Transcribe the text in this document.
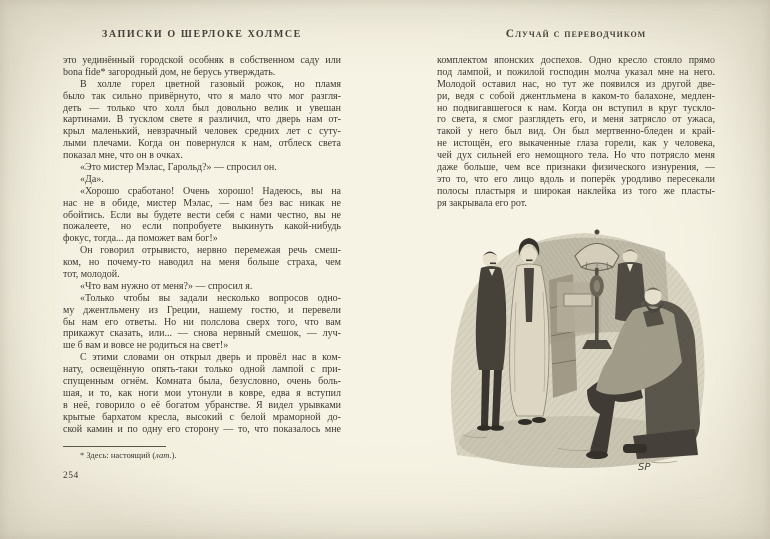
ЗАПИСКИ О ШЕРЛОКЕ ХОЛМСЕ
это уединённый городской особняк в собственном саду или
bona fide* загородный дом, не берусь утверждать.
В холле горел цветной газовый рожок, но пламя
было так сильно привёрнуто, что я мало что мог разгля-
деть — только что холл был довольно велик и увешан
картинами. В тусклом свете я различил, что дверь нам от-
крыл маленький, невзрачный человек средних лет с суту-
лыми плечами. Когда он повернулся к нам, отблеск света
показал мне, что он в очках.
«Это мистер Мэлас, Гарольд?» — спросил он.
«Да».
«Хорошо сработано! Очень хорошо! Надеюсь, вы на
нас не в обиде, мистер Мэлас, — нам без вас никак не
обойтись. Если вы будете вести себя с нами честно, вы не
пожалеете, но если попробуете выкинуть какой-нибудь
фокус, тогда... да поможет вам бог!»
Он говорил отрывисто, нервно перемежая речь смеш-
ком, но почему-то наводил на меня больше страха, чем
тот, молодой.
«Что вам нужно от меня?» — спросил я.
«Только чтобы вы задали несколько вопросов одно-
му джентльмену из Греции, нашему гостю, и перевели
бы нам его ответы. Но ни полслова сверх того, что вам
прикажут сказать, или... — снова нервный смешок, — луч-
ше б вам и вовсе не родиться на свет!»
С этими словами он открыл дверь и провёл нас в ком-
нату, освещённую опять-таки только одной лампой с при-
спущенным огнём. Комната была, безусловно, очень боль-
шая, и то, как ноги мои утонули в ковре, едва я вступил
в неё, говорило о её богатом убранстве. Я видел урывками
крытые бархатом кресла, высокий с белой мраморной до-
ской камин и по одну его сторону — то, что показалось мне
* Здесь: настоящий (лат.).
254
Случай с переводчиком
комплектом японских доспехов. Одно кресло стояло прямо
под лампой, и пожилой господин молча указал мне на него.
Молодой оставил нас, но тут же появился из другой две-
ри, ведя с собой джентльмена в каком-то балахоне, медлен-
но подвигавшегося к нам. Когда он вступил в круг тускло-
го света, я смог разглядеть его, и меня затрясло от ужаса,
такой у него был вид. Он был мертвенно-бледен и край-
не истощён, его выкаченные глаза горели, как у человека,
чей дух сильней его немощного тела. Но что потрясло меня
даже больше, чем все признаки физического изнурения, —
это то, что его лицо вдоль и поперёк уродливо пересекали
полосы пластыря и широкая наклейка из того же пласты-
ря закрывала его рот.
SP
